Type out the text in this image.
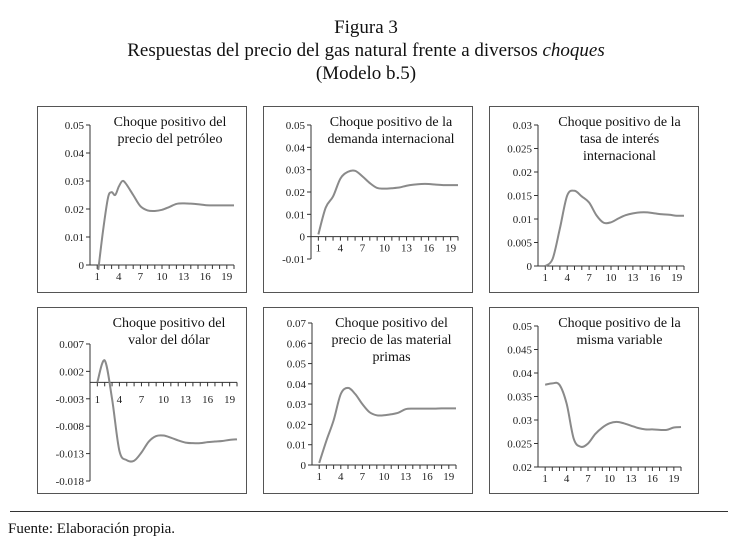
Figura 3
Respuestas del precio del gas natural frente a diversos choques
(Modelo b.5)
Choque positivo del
precio del petróleo
0
0.01
0.02
0.03
0.04
0.05
1 4 7 10 13 16 19
Choque positivo de la
demanda internacional
-0.01
0
0.01
0.02
0.03
0.04
0.05
1 4 7 10 13 16 19
Choque positivo de la
tasa de interés
internacional
0
0.005
0.01
0.015
0.02
0.025
0.03
1 4 7 10 13 16 19
Choque positivo del
valor del dólar
-0.018
-0.013
-0.008
-0.003
0.002
0.007
1 4 7 10 13 16 19
Choque positivo del
precio de las material
primas
0
0.01
0.02
0.03
0.04
0.05
0.06
0.07
1 4 7 10 13 16 19
Choque positivo de la
misma variable
0.02
0.025
0.03
0.035
0.04
0.045
0.05
1 4 7 10 13 16 19
Fuente: Elaboración propia.
